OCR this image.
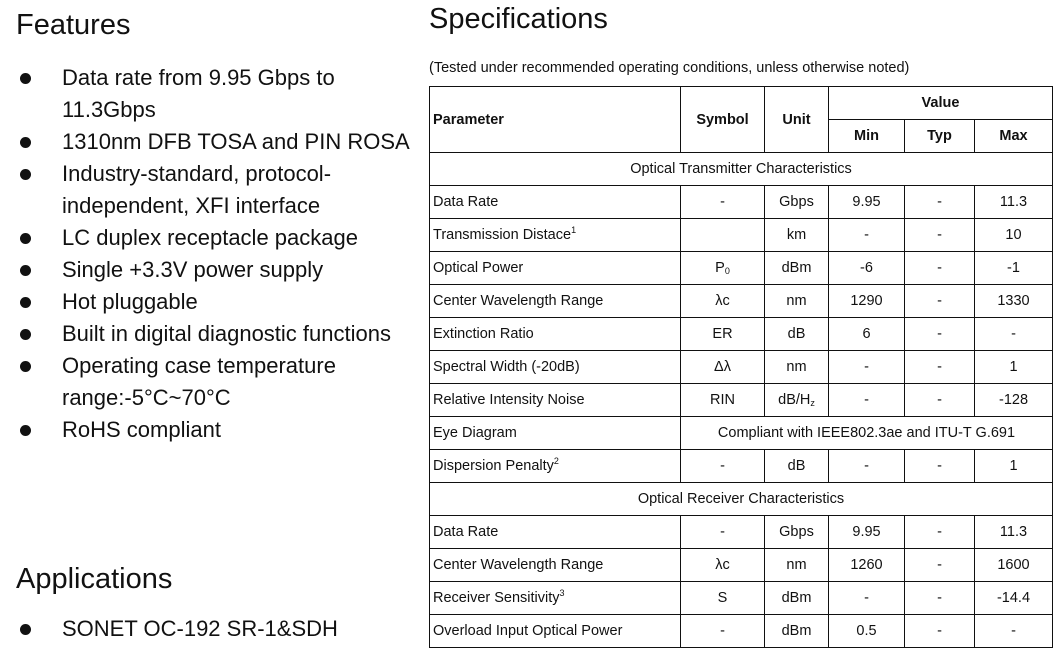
Features
Data rate from 9.95 Gbps to 11.3Gbps
1310nm DFB TOSA and PIN ROSA
Industry-standard, protocol-independent, XFI interface
LC duplex receptacle package
Single +3.3V power supply
Hot pluggable
Built in digital diagnostic functions
Operating case temperature range:-5°C~70°C
RoHS compliant
Applications
SONET OC-192 SR-1&SDH
Specifications
(Tested under recommended operating conditions, unless otherwise noted)
Parameter	Symbol	Unit	Value		
			Min	Typ	Max
Optical Transmitter Characteristics					
Data Rate	-	Gbps	9.95	-	11.3
Transmission Distace$^1$		km	-	-	10
Optical Power	$P_0$	dBm	-6	-	-1
Center Wavelength Range	λc	nm	1290	-	1330
Extinction Ratio	ER	dB	6	-	-
Spectral Width (-20dB)	Δλ	nm	-	-	1
Relative Intensity Noise	RIN	$dB/H_z$	-	-	-128
Eye Diagram	Compliant with IEEE802.3ae and ITU-T G.691				
Dispersion Penalty$^2$	-	dB	-	-	1
Optical Receiver Characteristics					
Data Rate	-	Gbps	9.95	-	11.3
Center Wavelength Range	λc	nm	1260	-	1600
Receiver Sensitivity$^3$	S	dBm	-	-	-14.4
Overload Input Optical Power	-	dBm	0.5	-	-
